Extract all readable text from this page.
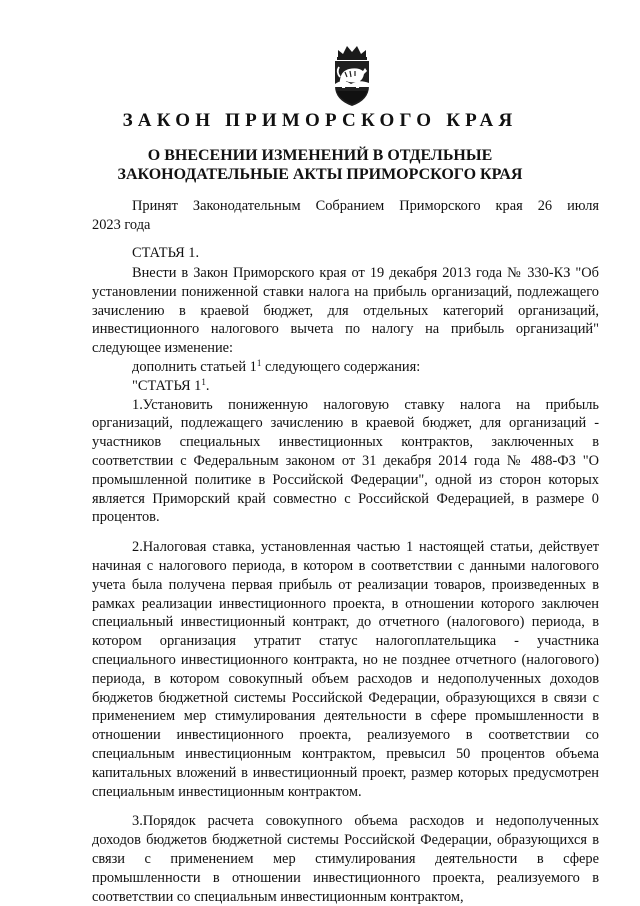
ЗАКОН ПРИМОРСКОГО КРАЯ
О ВНЕСЕНИИ ИЗМЕНЕНИЙ В ОТДЕЛЬНЫЕ
ЗАКОНОДАТЕЛЬНЫЕ АКТЫ ПРИМОРСКОГО КРАЯ
Принят Законодательным Собранием Приморского края 26 июля
2023 года
СТАТЬЯ 1.

Внести в Закон Приморского края от 19 декабря 2013 года № 330-КЗ "Об установлении пониженной ставки налога на прибыль организаций, подлежащего зачислению в краевой бюджет, для отдельных категорий организаций, инвестиционного налогового вычета по налогу на прибыль организаций" следующее изменение:

дополнить статьей $1^1$ следующего содержания:

"СТАТЬЯ $1^1$.

1.Установить пониженную налоговую ставку налога на прибыль организаций, подлежащего зачислению в краевой бюджет, для организаций - участников специальных инвестиционных контрактов, заключенных в соответствии с Федеральным законом от 31 декабря 2014 года № 488-ФЗ "О промышленной политике в Российской Федерации", одной из сторон которых является Приморский край совместно с Российской Федерацией, в размере 0 процентов.

2.Налоговая ставка, установленная частью 1 настоящей статьи, действует начиная с налогового периода, в котором в соответствии с данными налогового учета была получена первая прибыль от реализации товаров, произведенных в рамках реализации инвестиционного проекта, в отношении которого заключен специальный инвестиционный контракт, до отчетного (налогового) периода, в котором организация утратит статус налогоплательщика - участника специального инвестиционного контракта, но не позднее отчетного (налогового) периода, в котором совокупный объем расходов и недополученных доходов бюджетов бюджетной системы Российской Федерации, образующихся в связи с применением мер стимулирования деятельности в сфере промышленности в отношении инвестиционного проекта, реализуемого в соответствии со специальным инвестиционным контрактом, превысил 50 процентов объема капитальных вложений в инвестиционный проект, размер которых предусмотрен специальным инвестиционным контрактом.

3.Порядок расчета совокупного объема расходов и недополученных доходов бюджетов бюджетной системы Российской Федерации, образующихся в связи с применением мер стимулирования деятельности в сфере промышленности в отношении инвестиционного проекта, реализуемого в соответствии со специальным инвестиционным контрактом,
